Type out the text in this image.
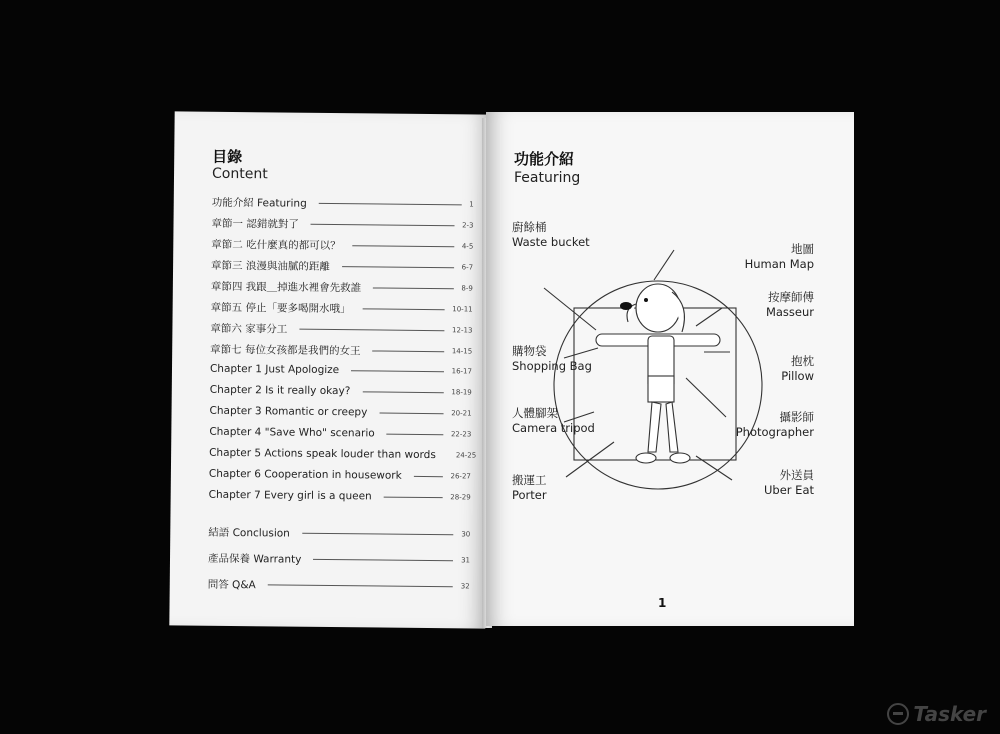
目錄
Content
功能介紹 Featuring	1
章節一 認錯就對了	2-3
章節二 吃什麼真的都可以？	4-5
章節三 浪漫與油膩的距離	6-7
章節四 我跟＿掉進水裡會先救誰	8-9
章節五 停止「要多喝開水哦」	10-11
章節六 家事分工	12-13
章節七 每位女孩都是我們的女王	14-15
Chapter 1 Just Apologize	16-17
Chapter 2 Is it really okay?	18-19
Chapter 3 Romantic or creepy	20-21
Chapter 4 "Save Who" scenario	22-23
Chapter 5 Actions speak louder than words	24-25
Chapter 6 Cooperation in housework	26-27
Chapter 7 Every girl is a queen	28-29
結語 Conclusion	30
產品保養 Warranty	31
問答 Q&A	32
功能介紹
Featuring
廚餘桶
Waste bucket	地圖
Human Map
按摩師傅
Masseur
購物袋
Shopping Bag	抱枕
Pillow
人體腳架
Camera tripod
攝影師
Photographer
搬運工
Porter
外送員
Uber Eat
1
Tasker
